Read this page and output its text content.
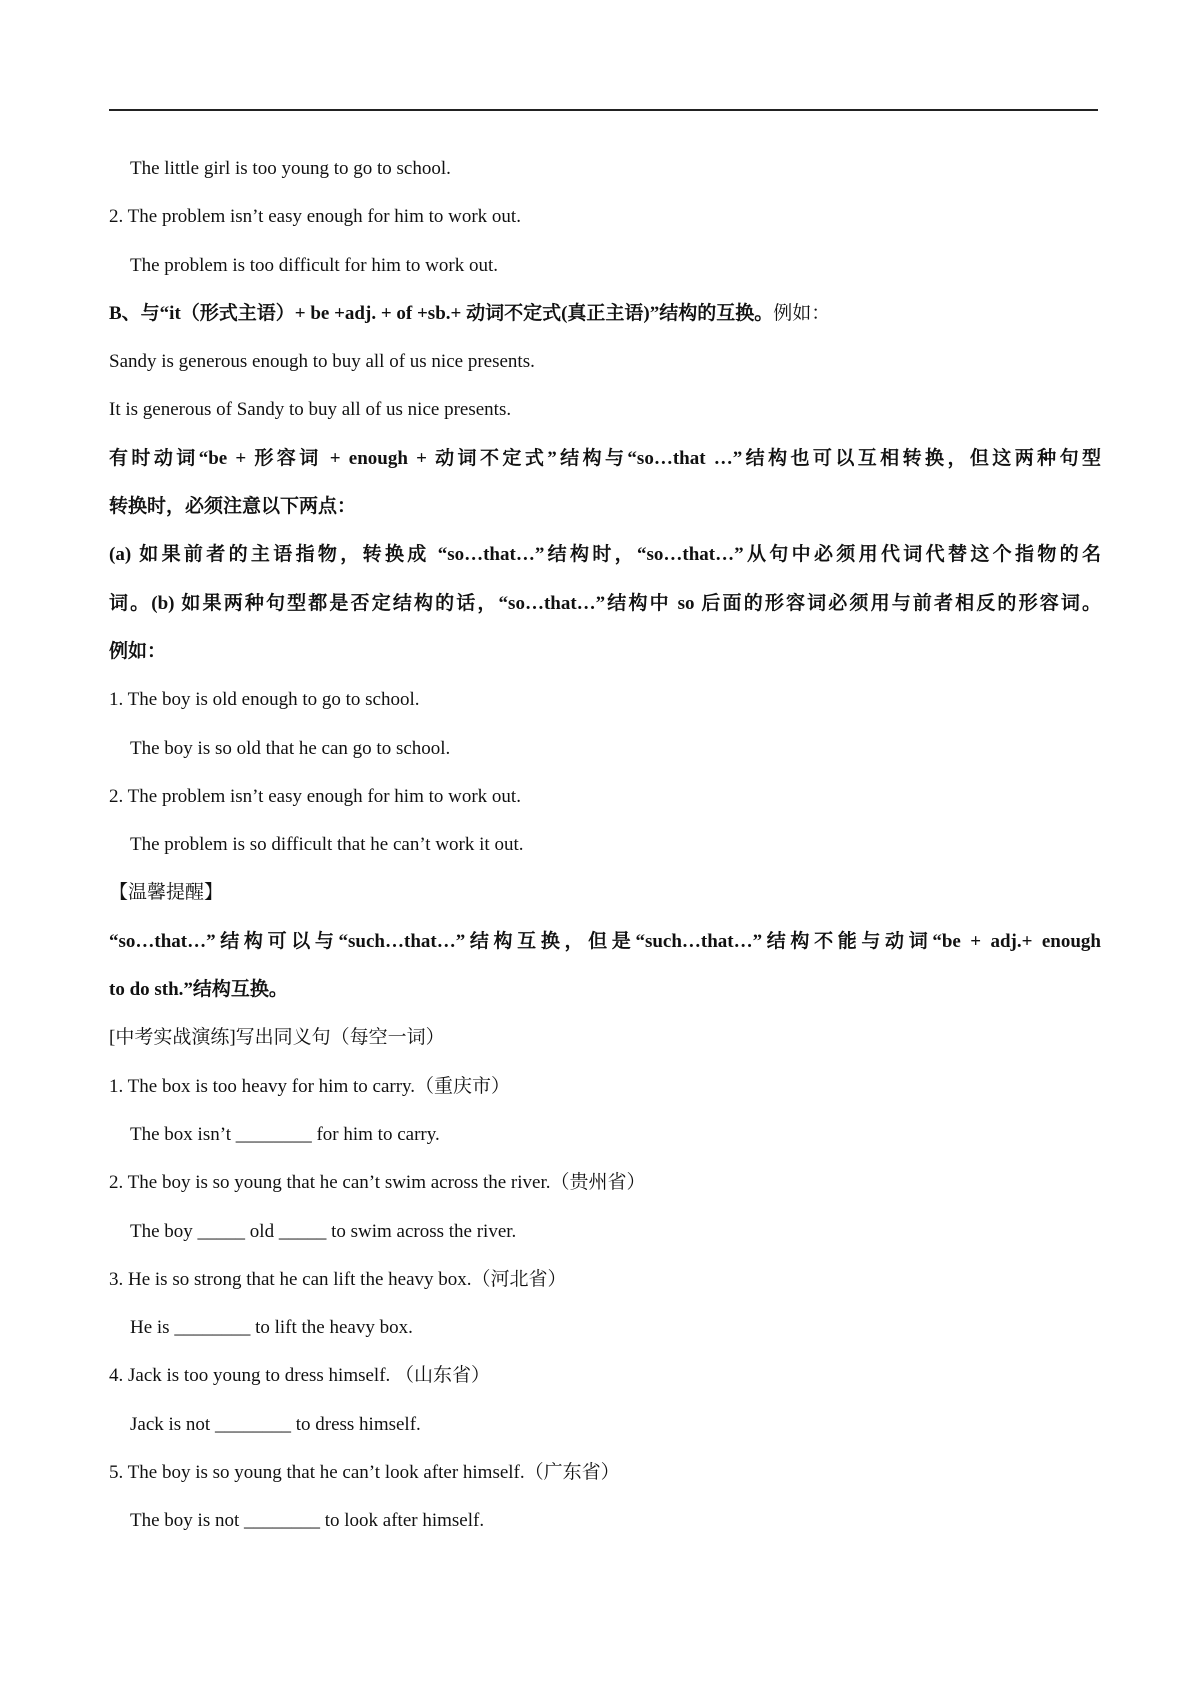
The little girl is too young to go to school.
2. The problem isn’t easy enough for him to work out.
The problem is too difficult for him to work out.
B、与“it（形式主语）+ be +adj. + of +sb.+ 动词不定式(真正主语)”结构的互换。例如：
Sandy is generous enough to buy all of us nice presents.
It is generous of Sandy to buy all of us nice presents.
有时动词“be + 形容词 + enough + 动词不定式”结构与“so…that …”结构也可以互相转换，但这两种句型
转换时，必须注意以下两点：
(a) 如果前者的主语指物，转换成 “so…that…”结构时，“so…that…”从句中必须用代词代替这个指物的名
词。(b) 如果两种句型都是否定结构的话，“so…that…”结构中 so 后面的形容词必须用与前者相反的形容词。
例如：
1. The boy is old enough to go to school.
The boy is so old that he can go to school.
2. The problem isn’t easy enough for him to work out.
The problem is so difficult that he can’t work it out.
【温馨提醒】
“so…that…”结构可以与“such…that…”结构互换，但是“such…that…”结构不能与动词“be + adj.+ enough
to do sth.”结构互换。
[中考实战演练]写出同义句（每空一词）
1. The box is too heavy for him to carry.（重庆市）
The box isn’t ________ for him to carry.
2. The boy is so young that he can’t swim across the river.（贵州省）
The boy _____ old _____ to swim across the river.
3. He is so strong that he can lift the heavy box.（河北省）
He is ________ to lift the heavy box.
4. Jack is too young to dress himself. （山东省）
Jack is not ________ to dress himself.
5. The boy is so young that he can’t look after himself.（广东省）
The boy is not ________ to look after himself.
